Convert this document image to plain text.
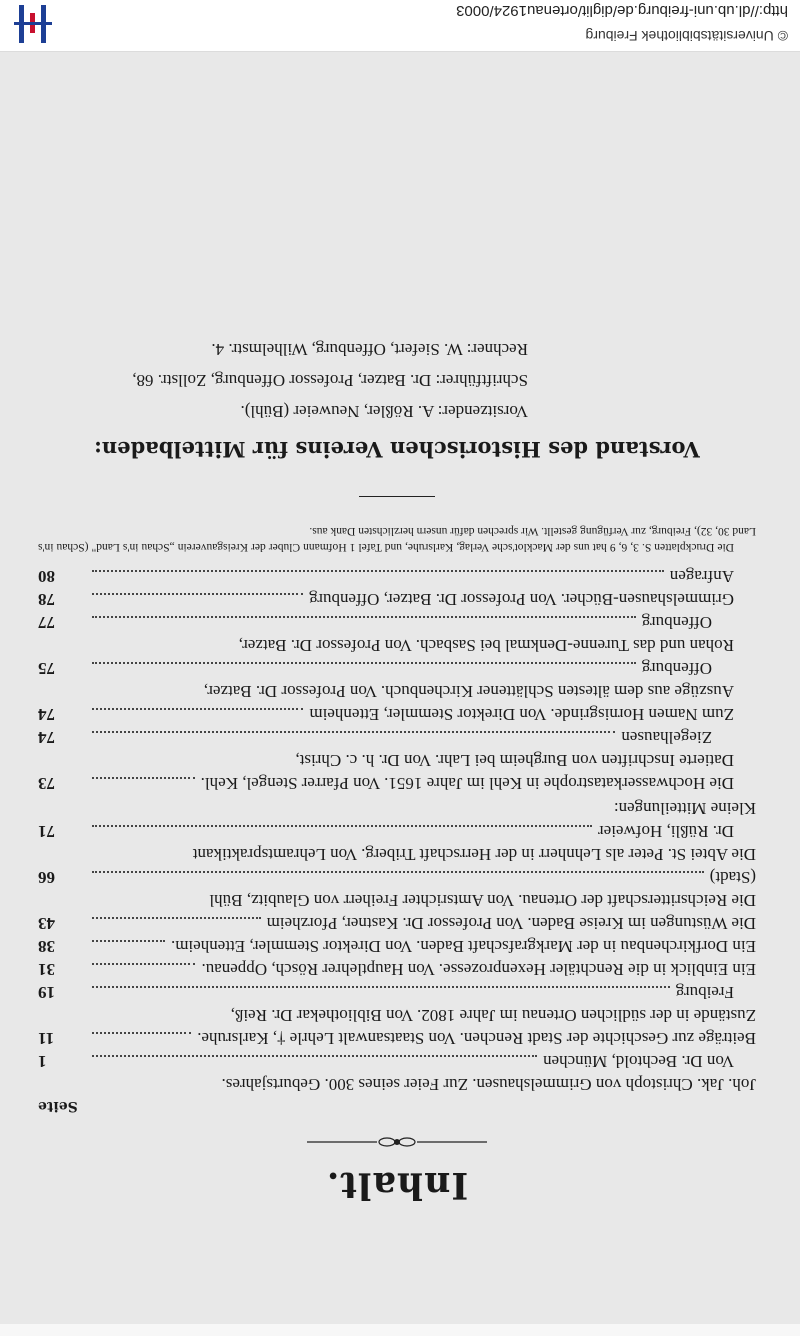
Inhalt.
Seite
Joh. Jak. Christoph von Grimmelshausen. Zur Feier seines 300. Geburtsjahres.
Von Dr. Bechtold, München
1
Beiträge zur Geschichte der Stadt Renchen. Von Staatsanwalt Lehrle †, Karlsruhe.
11
Zustände in der südlichen Ortenau im Jahre 1802. Von Bibliothekar Dr. Reiß,
Freiburg
19
Ein Einblick in die Renchtäler Hexenprozesse. Von Hauptlehrer Rösch, Oppenau.
31
Ein Dorfkirchenbau in der Markgrafschaft Baden. Von Direktor Stemmler, Ettenheim.
38
Die Wüstungen im Kreise Baden. Von Professor Dr. Kastner, Pforzheim
43
Die Reichsritterschaft der Ortenau. Von Amtsrichter Freiherr von Glaubitz, Bühl
(Stadt)
66
Die Abtei St. Peter als Lehnherr in der Herrschaft Triberg. Von Lehramtspraktikant
Dr. Rüßli, Hofweier
71
Kleine Mitteilungen:
Die Hochwasserkatastrophe in Kehl im Jahre 1651. Von Pfarrer Stengel, Kehl.
73
Datierte Inschriften von Burgheim bei Lahr. Von Dr. h. c. Christ,
Ziegelhausen
74
Zum Namen Hornisgrinde. Von Direktor Stemmler, Ettenheim
74
Auszüge aus dem ältesten Schlättener Kirchenbuch. Von Professor Dr. Batzer,
Offenburg
75
Rohan und das Turenne-Denkmal bei Sasbach. Von Professor Dr. Batzer,
Offenburg
77
Grimmelshausen-Bücher. Von Professor Dr. Batzer, Offenburg
78
Anfragen
80
Die Druckplatten S. 3, 6, 9 hat uns der Macklot'sche Verlag, Karlsruhe, und Tafel 1 Hofmann Cluber der Kreisgauverein „Schau in's Land" (Schau in's Land 30, 32), Freiburg, zur Verfügung gestellt. Wir sprechen dafür unsern herzlichsten Dank aus.
Vorstand des Historischen Vereins für Mittelbaden:
Vorsitzender: A. Rößler, Neuweier (Bühl).
Schriftführer: Dr. Batzer, Professor Offenburg, Zollstr. 68,
Rechner: W. Siefert, Offenburg, Wilhelmstr. 4.
© Universitätsbibliothek Freiburg
http://dl.ub.uni-freiburg.de/diglit/ortenau1924/0003
